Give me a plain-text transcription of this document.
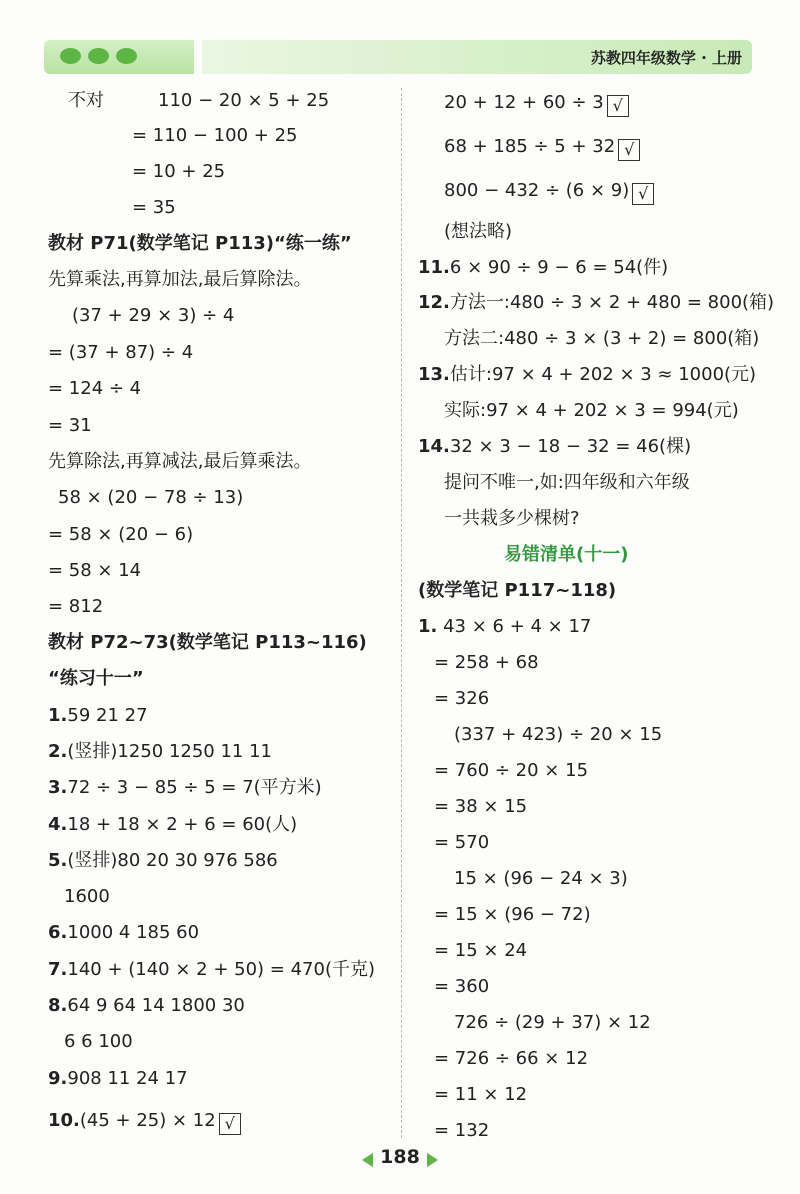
苏教四年级数学 · 上册
不对	110 − 20 × 5 + 25
= 110 − 100 + 25
= 10 + 25
= 35
教材 P71(数学笔记 P113)“练一练”
先算乘法,再算加法,最后算除法。
(37 + 29 × 3) ÷ 4
= (37 + 87) ÷ 4
= 124 ÷ 4
= 31
先算除法,再算减法,最后算乘法。
58 × (20 − 78 ÷ 13)
= 58 × (20 − 6)
= 58 × 14
= 812
教材 P72~73(数学笔记 P113~116)
“练习十一”
1.59 21 27
2.(竖排)1250 1250 11 11
3.72 ÷ 3 − 85 ÷ 5 = 7(平方米)
4.18 + 18 × 2 + 6 = 60(人)
5.(竖排)80 20 30 976 586
1600
6.1000 4 185 60
7.140 + (140 × 2 + 50) = 470(千克)
8.64 9 64 14 1800 30
6 6 100
9.908 11 24 17
10.(45 + 25) × 12 √
20 + 12 + 60 ÷ 3 √
68 + 185 ÷ 5 + 32 √
800 − 432 ÷ (6 × 9) √
(想法略)
11.6 × 90 ÷ 9 − 6 = 54(件)
12.方法一:480 ÷ 3 × 2 + 480 = 800(箱)
方法二:480 ÷ 3 × (3 + 2) = 800(箱)
13.估计:97 × 4 + 202 × 3 ≈ 1000(元)
实际:97 × 4 + 202 × 3 = 994(元)
14.32 × 3 − 18 − 32 = 46(棵)
提问不唯一,如:四年级和六年级
一共栽多少棵树?
易错清单(十一)
(数学笔记 P117~118)
1. 43 × 6 + 4 × 17
= 258 + 68
= 326
(337 + 423) ÷ 20 × 15
= 760 ÷ 20 × 15
= 38 × 15
= 570
15 × (96 − 24 × 3)
= 15 × (96 − 72)
= 15 × 24
= 360
726 ÷ (29 + 37) × 12
= 726 ÷ 66 × 12
= 11 × 12
= 132
188
